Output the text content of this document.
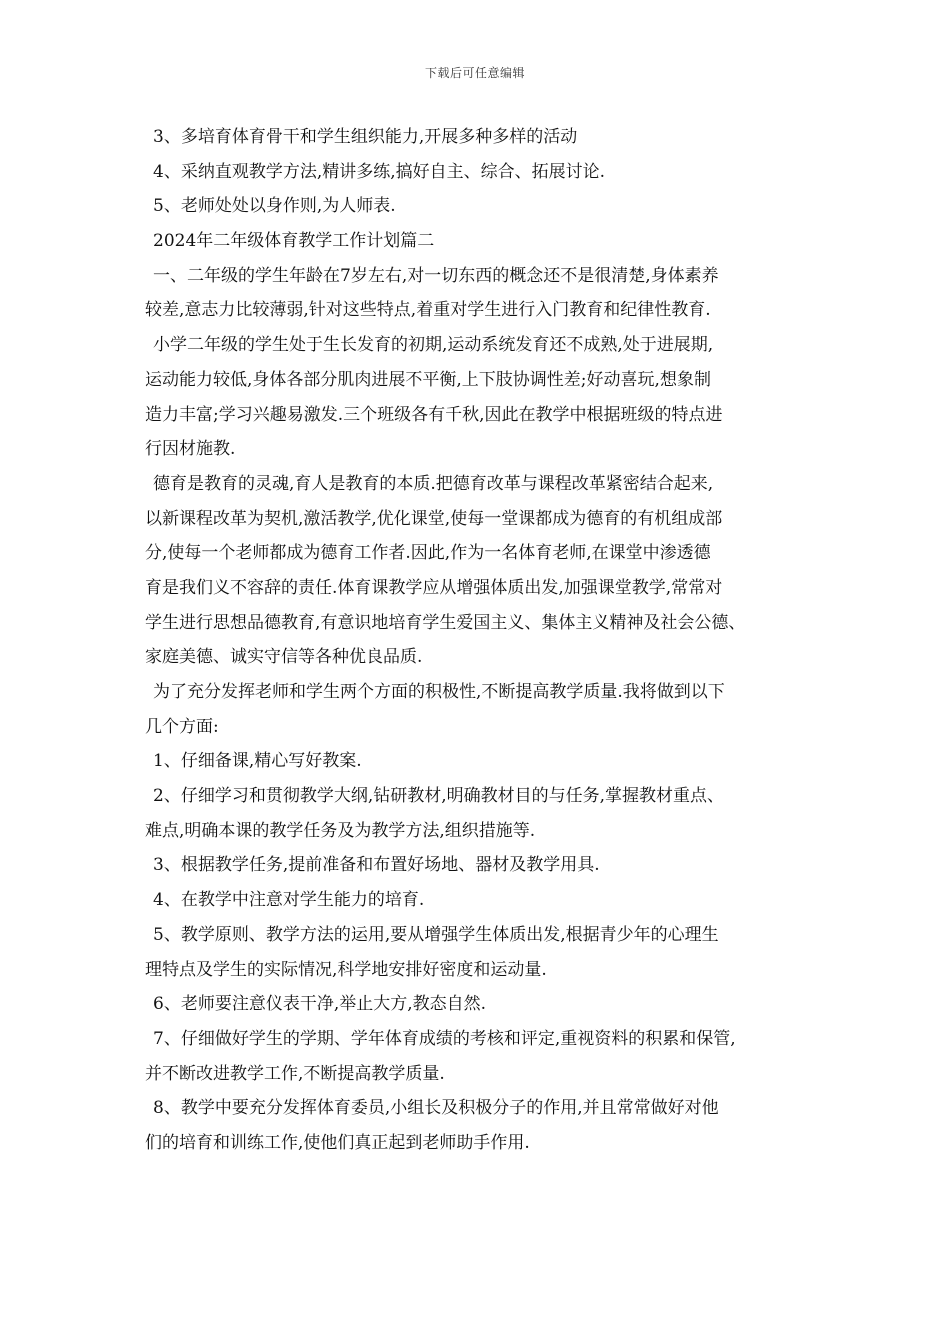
下载后可任意编辑
3、多培育体育骨干和学生组织能力,开展多种多样的活动
4、采纳直观教学方法,精讲多练,搞好自主、综合、拓展讨论.
5、老师处处以身作则,为人师表.
2024年二年级体育教学工作计划篇二
一、二年级的学生年龄在7岁左右,对一切东西的概念还不是很清楚,身体素养
较差,意志力比较薄弱,针对这些特点,着重对学生进行入门教育和纪律性教育.
小学二年级的学生处于生长发育的初期,运动系统发育还不成熟,处于进展期,
运动能力较低,身体各部分肌肉进展不平衡,上下肢协调性差;好动喜玩,想象制
造力丰富;学习兴趣易激发.三个班级各有千秋,因此在教学中根据班级的特点进
行因材施教.
德育是教育的灵魂,育人是教育的本质.把德育改革与课程改革紧密结合起来,
以新课程改革为契机,激活教学,优化课堂,使每一堂课都成为德育的有机组成部
分,使每一个老师都成为德育工作者.因此,作为一名体育老师,在课堂中渗透德
育是我们义不容辞的责任.体育课教学应从增强体质出发,加强课堂教学,常常对
学生进行思想品德教育,有意识地培育学生爱国主义、集体主义精神及社会公德、
家庭美德、诚实守信等各种优良品质.
为了充分发挥老师和学生两个方面的积极性,不断提高教学质量.我将做到以下
几个方面:
1、仔细备课,精心写好教案.
2、仔细学习和贯彻教学大纲,钻研教材,明确教材目的与任务,掌握教材重点、
难点,明确本课的教学任务及为教学方法,组织措施等.
3、根据教学任务,提前准备和布置好场地、器材及教学用具.
4、在教学中注意对学生能力的培育.
5、教学原则、教学方法的运用,要从增强学生体质出发,根据青少年的心理生
理特点及学生的实际情况,科学地安排好密度和运动量.
6、老师要注意仪表干净,举止大方,教态自然.
7、仔细做好学生的学期、学年体育成绩的考核和评定,重视资料的积累和保管,
并不断改进教学工作,不断提高教学质量.
8、教学中要充分发挥体育委员,小组长及积极分子的作用,并且常常做好对他
们的培育和训练工作,使他们真正起到老师助手作用.
